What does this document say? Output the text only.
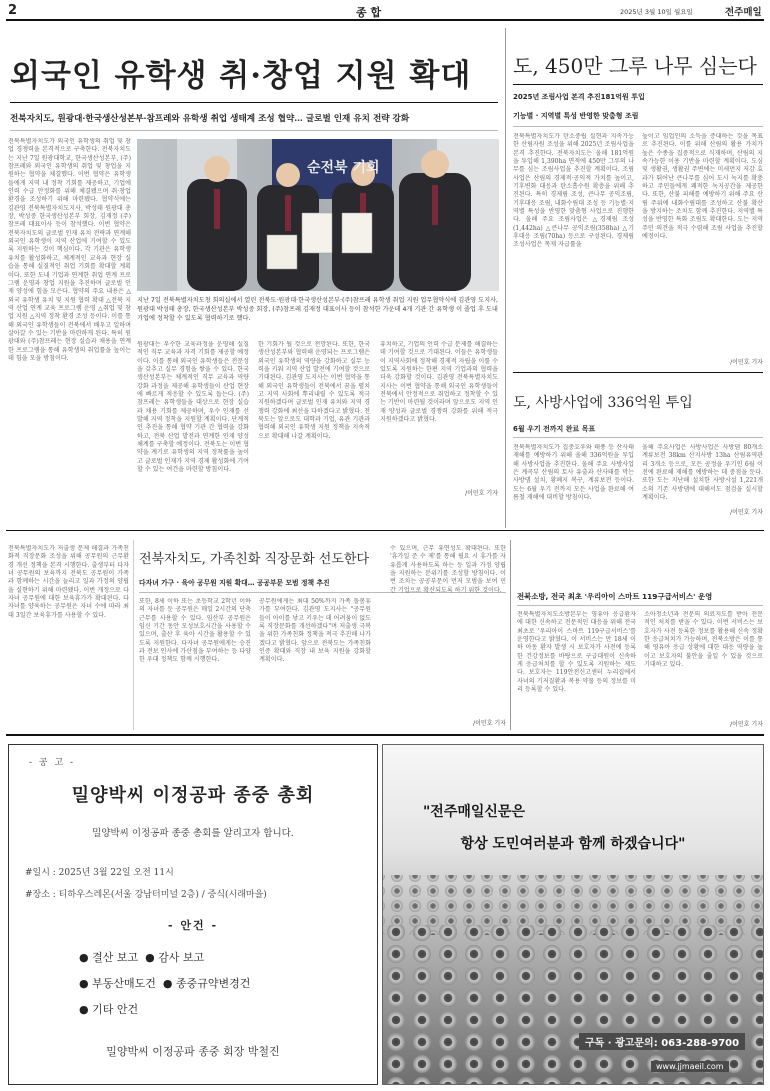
2	종 합	2025년 3월 10일 월요일	전주매일
외국인 유학생 취·창업 지원 확대
전북자치도, 원광대·한국생산성본부·참프레와 유학생 취업 생태계 조성 협약… 글로벌 인재 유치 전략 강화
전북특별자치도가 외국인 유학생의 취업 및 창업 경쟁력을 본격적으로 구축한다. 전북자치도는 지난 7일 원광대학교, 한국생산성본부, (주)참프레와 외국인 유학생의 취업 및 창업을 지원하는 협약을 체결했다. 이번 협약은 유학생들에게 지역 내 정착 기회를 제공하고, 기업에 인력 수급 안정화를 위해 체결됐으며 취·창업 환경을 조성하기 위해 마련됐다. 협약식에는 김관영 전북특별자치도지사, 박성태 원광대 총장, 박성중 한국생산성본부 회장, 김재정 (주)참프레 대표이사 등이 참석했다. 이번 협약은 전북자치도의 글로벌 인재 유치 전략과 연계해 외국인 유학생이 지역 산업에 기여할 수 있도록 지원하는 것이 핵심이다. 각 기관은 유학생 유치를 활성화하고, 체계적인 교육과 현장 실습을 통해 실질적인 취업 기회를 확대할 계획이다. 또한 도내 기업과 연계한 취업 연계 프로그램 운영과 창업 지원을 추진하며 글로벌 인재 양성에 힘을 모은다. 협약의 주요 내용은 △외국 유학생 유치 및 지원 협력 확대 △전북 지역 산업 연계 교육 프로그램 운영 △취업 및 창업 지원 △지역 정착 환경 조성 등이다. 이를 통해 외국인 유학생들이 전북에서 배우고 일하며 살아갈 수 있는 기반을 마련하게 된다. 특히 원광대와 (주)참프레는 현장 실습과 채용을 연계한 프로그램을 통해 유학생의 취업률을 높이는 데 힘을 모을 방침이다.
순전북 기회
지난 7일 전북특별자치도청 회의실에서 열린 전북도·원광대·한국생산성본부·(주)참프레 유학생 취업 지원 업무협약식에 김관영 도지사, 원광대 박성태 총장, 한국생산성본부 박성중 회장, (주)참프레 김재정 대표이사 등이 참석한 가운데 4개 기관 간 유학생 이 졸업 후 도내 기업에 정착할 수 있도록 협력하기로 했다.
원광대는 우수한 교육과정을 운영해 실질적인 직무 교육과 자격 기회를 제공할 예정이다. 이를 통해 외국인 유학생들은 전문성을 갖추고 실무 경험을 쌓을 수 있다. 한국생산성본부는 체계적인 직무 교육과 역량 강화 과정을 제공해 유학생들이 산업 현장에 빠르게 적응할 수 있도록 돕는다. (주)참프레는 유학생들을 대상으로 현장 실습과 채용 기회를 제공하며, 우수 인재를 선발해 지역 정착을 지원할 계획이다. 단계적인 추진을 통해 협약 기관 간 협력을 강화하고, 전북 산업 발전과 연계한 인재 양성 체계를 구축할 예정이다. 전북도는 이번 협약을 계기로 유학생의 지역 정착률을 높이고 글로벌 인재가 지역 경제 활성화에 기여할 수 있는 여건을 마련할 방침이다.
한 기회가 될 것으로 전망된다. 또한, 한국생산성본부와 협력해 운영되는 프로그램은 외국인 유학생의 역량을 강화하고 실무 능력을 키워 지역 산업 발전에 기여할 것으로 기대된다. 김관영 도지사는 이번 협약을 통해 외국인 유학생들이 전북에서 꿈을 펼치고 지역 사회에 뿌리내릴 수 있도록 적극 지원하겠다며 글로벌 인재 유치와 지역 경쟁력 강화에 최선을 다하겠다고 밝혔다. 전북도는 앞으로도 대학과 기업, 유관 기관과 협력해 외국인 유학생 지원 정책을 지속적으로 확대해 나갈 계획이다.
유치하고, 기업의 인력 수급 문제를 해결하는 데 기여할 것으로 기대된다. 이들은 유학생들이 지역사회에 정착해 경제적 자립을 이룰 수 있도록 지원하는 한편 지역 기업과의 협력을 더욱 강화할 것이다. 김관영 전북특별자치도지사는 이번 협약을 통해 외국인 유학생들이 전북에서 안정적으로 취업하고 정착할 수 있는 기반이 마련될 것이라며 앞으로도 지역 인재 양성과 글로벌 경쟁력 강화를 위해 적극 지원하겠다고 밝혔다.
/이민호 기자
도, 450만 그루 나무 심는다
2025년 조림사업 본격 추진181억원 투입
기능별 · 지역별 특성 반영한 맞춤형 조림
전북특별자치도가 탄소중립 실현과 지속가능한 산림자원 조성을 위해 2025년 조림사업을 본격 추진한다. 전북자치도는 올해 181억원을 투입해 1,390ha 면적에 450만 그루의 나무를 심는 조림사업을 추진할 계획이다. 조림사업은 산림의 경제적·공익적 가치를 높이고, 기후변화 대응과 탄소흡수원 확충을 위해 추진된다. 특히 경제림 조성, 큰나무 공익조림, 기후대응 조림, 내화수림대 조성 등 기능별·지역별 특성을 반영한 맞춤형 사업으로 진행한다. 올해 주요 조림사업은 △경제림 조성(1,442ha) △큰나무 공익조림(358ha) △기후대응 조림(70ha) 등으로 구성된다. 경제림 조성사업은 목재 자급률을
높이고 임업인의 소득을 증대하는 것을 목표로 추진된다. 이를 위해 산림의 활용 가치가 높은 수종을 집중적으로 식재하며, 산림의 지속가능한 이용 기반을 마련할 계획이다. 도심 및 생활권, 생활권 주변에는 미세먼지 저감 효과가 뛰어난 큰나무를 심어 도시 녹지를 확충하고 주민들에게 쾌적한 녹지공간을 제공한다. 또한, 산불 피해를 예방하기 위해 주요 산림 주위에 내화수림대를 조성하고 산불 확산을 방지하는 조치도 함께 추진한다. 지역별 특성을 반영한 특화 조림도 확대한다. 도는 지역주민 의견을 적극 수렴해 조림 사업을 추진할 예정이다.
/이민호 기자
도, 사방사업에 336억원 투입
6월 우기 전까지 완료 목표
전북특별자치도가 집중호우와 태풍 등 산사태 재해를 예방하기 위해 올해 336억원을 투입해 사방사업을 추진한다. 올해 주요 사방사업은 계곡부 산림의 토사 유출과 산사태를 막는 사방댐 설치, 황폐지 복구, 계류보전 등이다. 도는 6월 우기 전까지 모든 사업을 완료해 여름철 재해에 대비할 방침이다.
올해 주요사업은 사방사업은 사방댐 80개소 계류보전 38km 산지사방 13ha 산림유역관리 3개소 등으로, 모든 공정을 우기인 6월 이전에 완료해 재해를 예방하는 데 중점을 둔다. 또한 도는 지난해 설치한 사방시설 1,221개소의 기존 사방댐에 대해서도 점검을 실시할 계획이다.
/이민호 기자
전북특별자치도가 저출생 문제 해결과 가족친화적 직장문화 조성을 위해 공무원의 근무환경 개선 정책을 본격 시행한다. 출생부터 다자녀 공무원의 보육까지 전북도 공무원이 가족과 함께하는 시간을 늘리고 일과 가정의 양립을 실현하기 위해 마련됐다. 이번 개정으로 다자녀 공무원에 대한 보육휴가가 확대된다. 다자녀를 양육하는 공무원은 자녀 수에 따라 최대 3일간 보육휴가를 사용할 수 있다.
전북자치도, 가족친화 직장문화 선도한다
다자녀 가구 · 육아 공무원 지원 확대… 공공부문 모범 정책 추진
또한, 8세 이하 또는 초등학교 2학년 이하의 자녀를 둔 공무원은 매일 2시간의 단축근무를 사용할 수 있다. 임산부 공무원은 임신 기간 동안 모성보호시간을 사용할 수 있으며, 출산 후 육아 시간을 활용할 수 있도록 지원한다. 다자녀 공무원에게는 승진과 전보 인사에 가산점을 부여하는 등 다양한 우대 정책도 함께 시행한다.
공무원에게는 최대 50%까지 가족 돌봄휴가를 부여한다. 김관영 도지사는 "공무원들이 아이를 낳고 키우는 데 어려움이 없도록 직장문화를 개선하겠다"며 저출생 극복을 위한 가족친화 정책을 적극 추진해 나가겠다고 밝혔다. 앞으로 전북도는 가족친화 인증 확대와 직장 내 보육 지원을 강화할 계획이다.
수 있으며, 근무 유연성도 확대된다. 또한 '휴가일 준 수 제'를 통해 필요 시 휴가를 자유롭게 사용하도록 하는 등 일과 가정 양립을 지원하는 분위기를 조성할 방침이다. 이번 조치는 공공부문이 먼저 모범을 보여 민간 기업으로 확산되도록 하기 위한 것이다.
/이민호 기자
전북소방, 전국 최초 '우리아이 스마트 119구급서비스' 운영
전북특별자치도소방본부는 영유아 응급환자에 대한 신속하고 전문적인 대응을 위해 전국 최초로 '우리아이 스마트 119구급서비스'를 운영한다고 밝혔다. 이 서비스는 만 18세 이하 아동 환자 발생 시 보호자가 사전에 등록한 건강정보를 바탕으로 구급대원이 신속하게 응급처치를 할 수 있도록 지원하는 제도다. 보호자는 119안전신고센터 누리집에서 자녀의 기저질환과 복용 약물 등의 정보를 미리 등록할 수 있다.
소아청소년과 전문의 의료지도를 받아 전문적인 처치를 받을 수 있다. 이번 서비스는 보호자가 사전 등록한 정보를 활용해 신속 정확한 응급처치가 가능하며, 전북소방은 이를 통해 영유아 응급 상황에 대한 대응 역량을 높이고 보호자의 불안을 줄일 수 있을 것으로 기대하고 있다.
/이민호 기자
- 공 고 -
밀양박씨 이정공파 종중 총회
밀양박씨 이정공파 종중 총회를 알리고자 합니다.
#일시 : 2025년 3월 22일 오전 11시
#장소 : 티하우스레몬(서울 강남터미널 2층) / 중식(시래마을)
- 안건 -
● 결산 보고  ● 감사 보고
● 부동산매도건  ● 종중규약변경건
● 기타 안건
밀양박씨 이정공파 종중 회장 박철진
"전주매일신문은
항상 도민여러분과 함께 하겠습니다"
구독 · 광고문의: 063-288-9700
www.jjmaeil.com
